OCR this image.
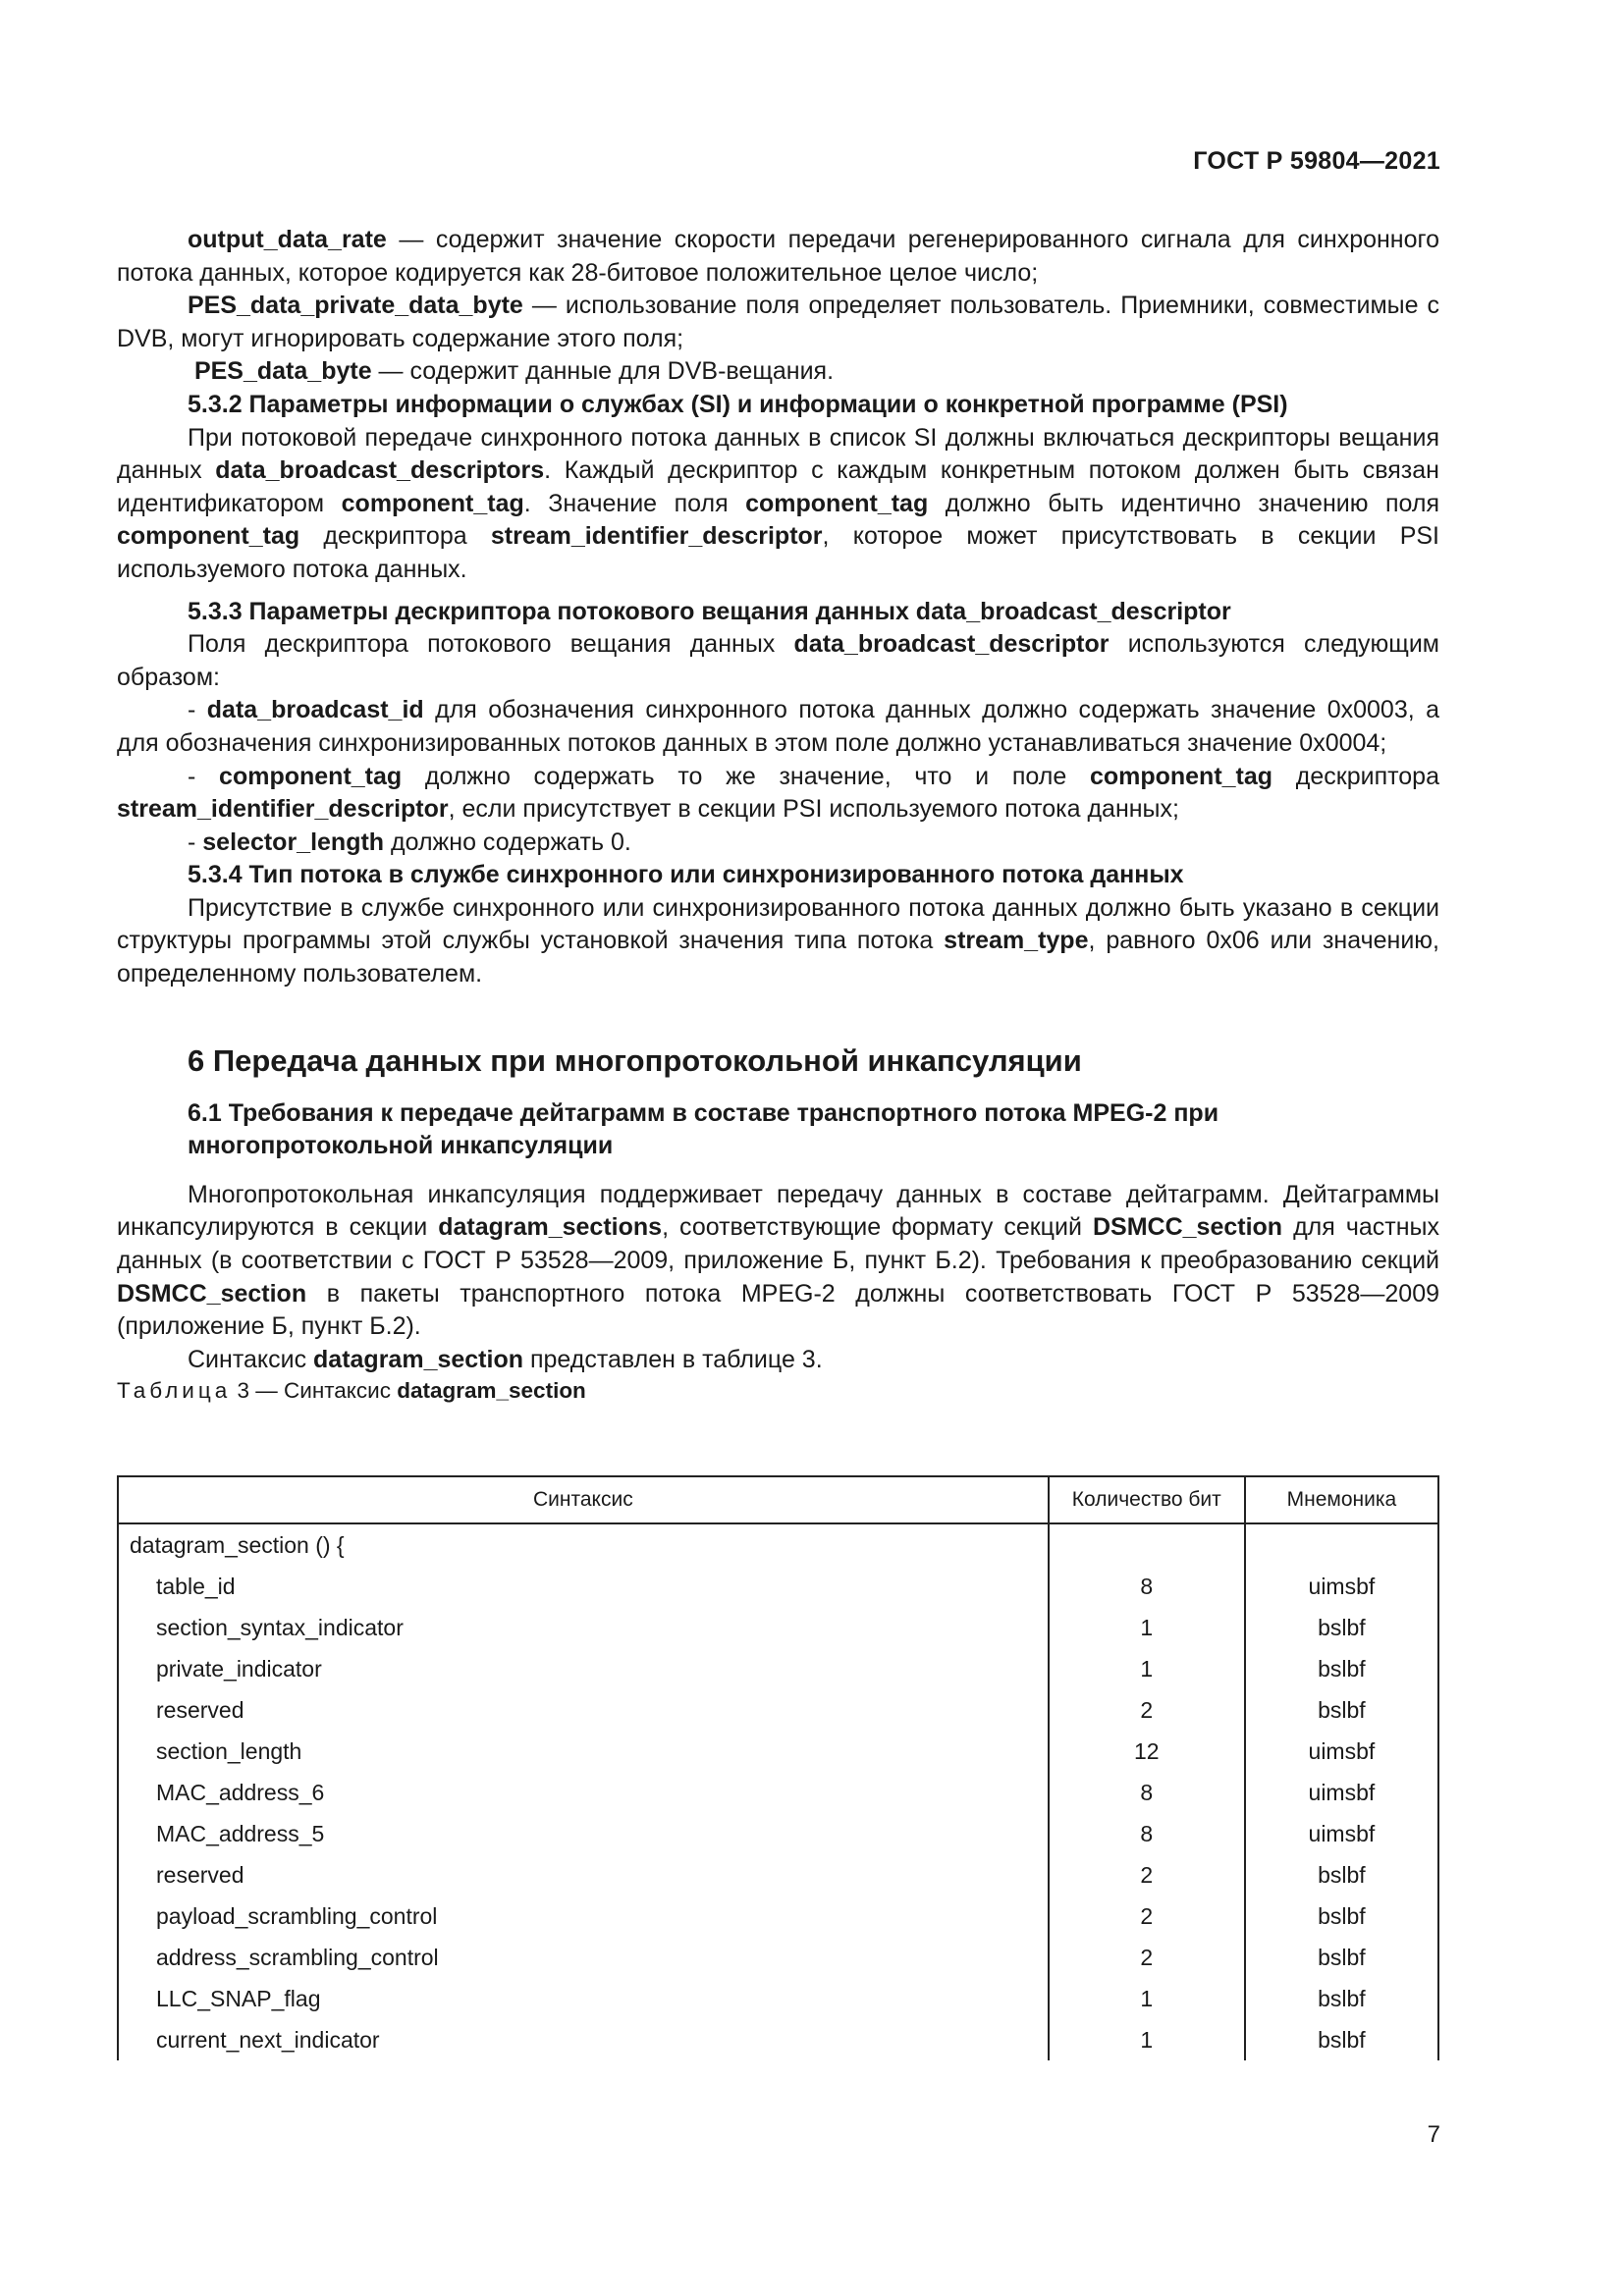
ГОСТ Р 59804—2021

output_data_rate — содержит значение скорости передачи регенерированного сигнала для синхронного потока данных, которое кодируется как 28-битовое положительное целое число;

PES_data_private_data_byte — использование поля определяет пользователь. Приемники, совместимые с DVB, могут игнорировать содержание этого поля;

PES_data_byte — содержит данные для DVB-вещания.

5.3.2 Параметры информации о службах (SI) и информации о конкретной программе (PSI)

При потоковой передаче синхронного потока данных в список SI должны включаться дескрипторы вещания данных data_broadcast_descriptors. Каждый дескриптор с каждым конкретным потоком должен быть связан идентификатором component_tag. Значение поля component_tag должно быть идентично значению поля component_tag дескриптора stream_identifier_descriptor, которое может присутствовать в секции PSI используемого потока данных.

5.3.3 Параметры дескриптора потокового вещания данных data_broadcast_descriptor

Поля дескриптора потокового вещания данных data_broadcast_descriptor используются следующим образом:

- data_broadcast_id для обозначения синхронного потока данных должно содержать значение 0x0003, а для обозначения синхронизированных потоков данных в этом поле должно устанавливаться значение 0x0004;

- component_tag должно содержать то же значение, что и поле component_tag дескриптора stream_identifier_descriptor, если присутствует в секции PSI используемого потока данных;

- selector_length должно содержать 0.

5.3.4 Тип потока в службе синхронного или синхронизированного потока данных

Присутствие в службе синхронного или синхронизированного потока данных должно быть указано в секции структуры программы этой службы установкой значения типа потока stream_type, равного 0x06 или значению, определенному пользователем.

6 Передача данных при многопротокольной инкапсуляции
6.1 Требования к передаче дейтаграмм в составе транспортного потока MPEG-2 при многопротокольной инкапсуляции

Многопротокольная инкапсуляция поддерживает передачу данных в составе дейтаграмм. Дейтаграммы инкапсулируются в секции datagram_sections, соответствующие формату секций DSMCC_section для частных данных (в соответствии с ГОСТ Р 53528—2009, приложение Б, пункт Б.2). Требования к преобразованию секций DSMCC_section в пакеты транспортного потока MPEG-2 должны соответствовать ГОСТ Р 53528—2009 (приложение Б, пункт Б.2).

Синтаксис datagram_section представлен в таблице 3.

Таблица 3 — Синтаксис datagram_section

Синтаксис	Количество бит	Мнемоника
datagram_section () {		
table_id	8	uimsbf
section_syntax_indicator	1	bslbf
private_indicator	1	bslbf
reserved	2	bslbf
section_length	12	uimsbf
MAC_address_6	8	uimsbf
MAC_address_5	8	uimsbf
reserved	2	bslbf
payload_scrambling_control	2	bslbf
address_scrambling_control	2	bslbf
LLC_SNAP_flag	1	bslbf
current_next_indicator	1	bslbf
7
